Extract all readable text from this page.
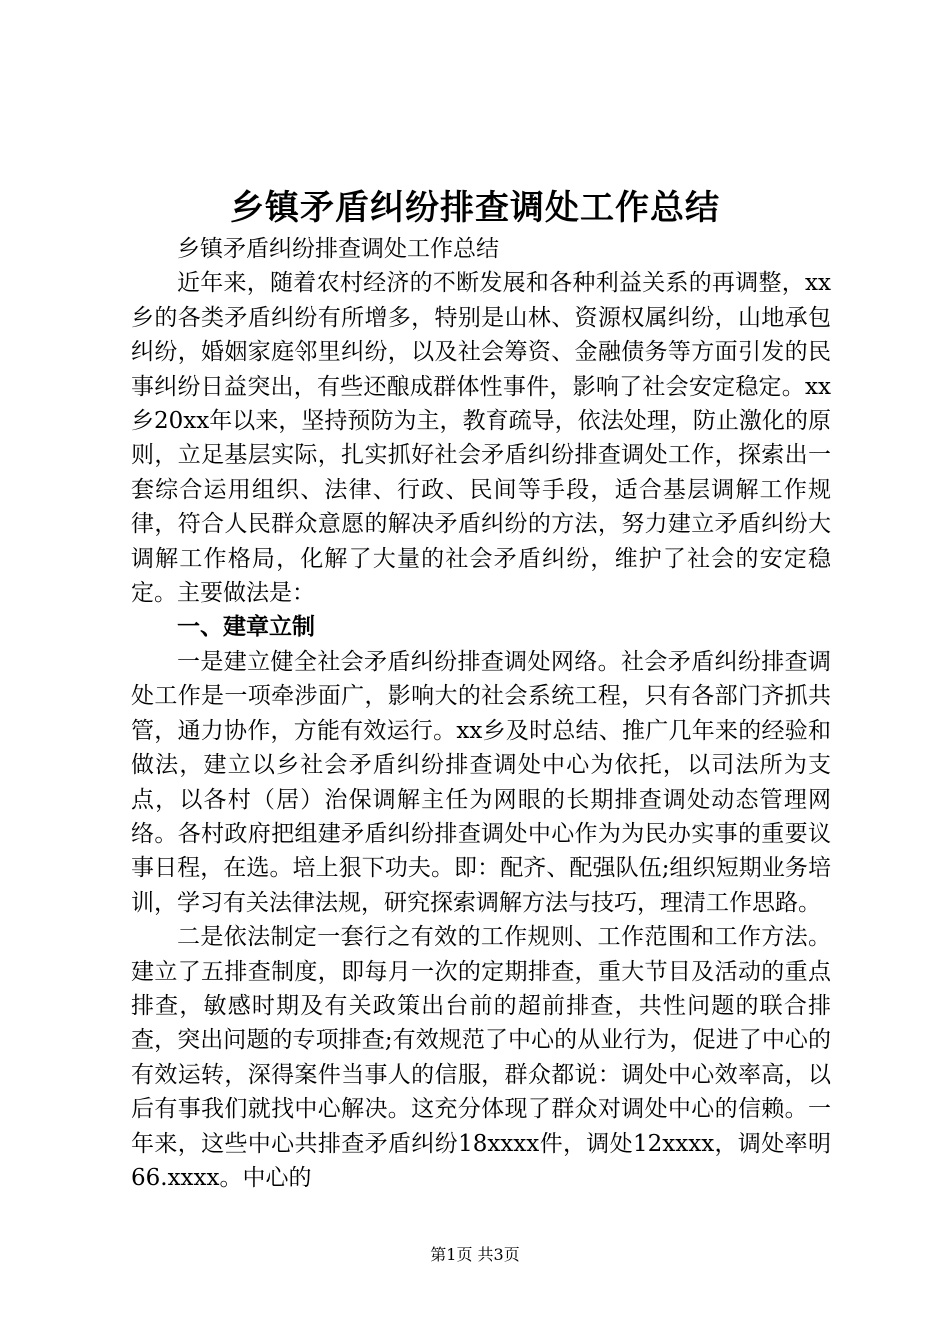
乡镇矛盾纠纷排查调处工作总结

乡镇矛盾纠纷排查调处工作总结

近年来，随着农村经济的不断发展和各种利益关系的再调整，xx乡的各类矛盾纠纷有所增多，特别是山林、资源权属纠纷，山地承包纠纷，婚姻家庭邻里纠纷，以及社会筹资、金融债务等方面引发的民事纠纷日益突出，有些还酿成群体性事件，影响了社会安定稳定。xx乡20xx年以来，坚持预防为主，教育疏导，依法处理，防止激化的原则，立足基层实际，扎实抓好社会矛盾纠纷排查调处工作，探索出一套综合运用组织、法律、行政、民间等手段，适合基层调解工作规律，符合人民群众意愿的解决矛盾纠纷的方法，努力建立矛盾纠纷大调解工作格局，化解了大量的社会矛盾纠纷，维护了社会的安定稳定。主要做法是：

一、建章立制

一是建立健全社会矛盾纠纷排查调处网络。社会矛盾纠纷排查调处工作是一项牵涉面广，影响大的社会系统工程，只有各部门齐抓共管，通力协作，方能有效运行。xx乡及时总结、推广几年来的经验和做法，建立以乡社会矛盾纠纷排查调处中心为依托，以司法所为支点，以各村（居）治保调解主任为网眼的长期排查调处动态管理网络。各村政府把组建矛盾纠纷排查调处中心作为为民办实事的重要议事日程，在选。培上狠下功夫。即：配齐、配强队伍;组织短期业务培训，学习有关法律法规，研究探索调解方法与技巧，理清工作思路。

二是依法制定一套行之有效的工作规则、工作范围和工作方法。建立了五排查制度，即每月一次的定期排查，重大节目及活动的重点排查，敏感时期及有关政策出台前的超前排查，共性问题的联合排查，突出问题的专项排查;有效规范了中心的从业行为，促进了中心的有效运转，深得案件当事人的信服，群众都说：调处中心效率高，以后有事我们就找中心解决。这充分体现了群众对调处中心的信赖。一年来，这些中心共排查矛盾纠纷18xxxx件，调处12xxxx，调处率明66.xxxx。中心的

第1页 共3页
